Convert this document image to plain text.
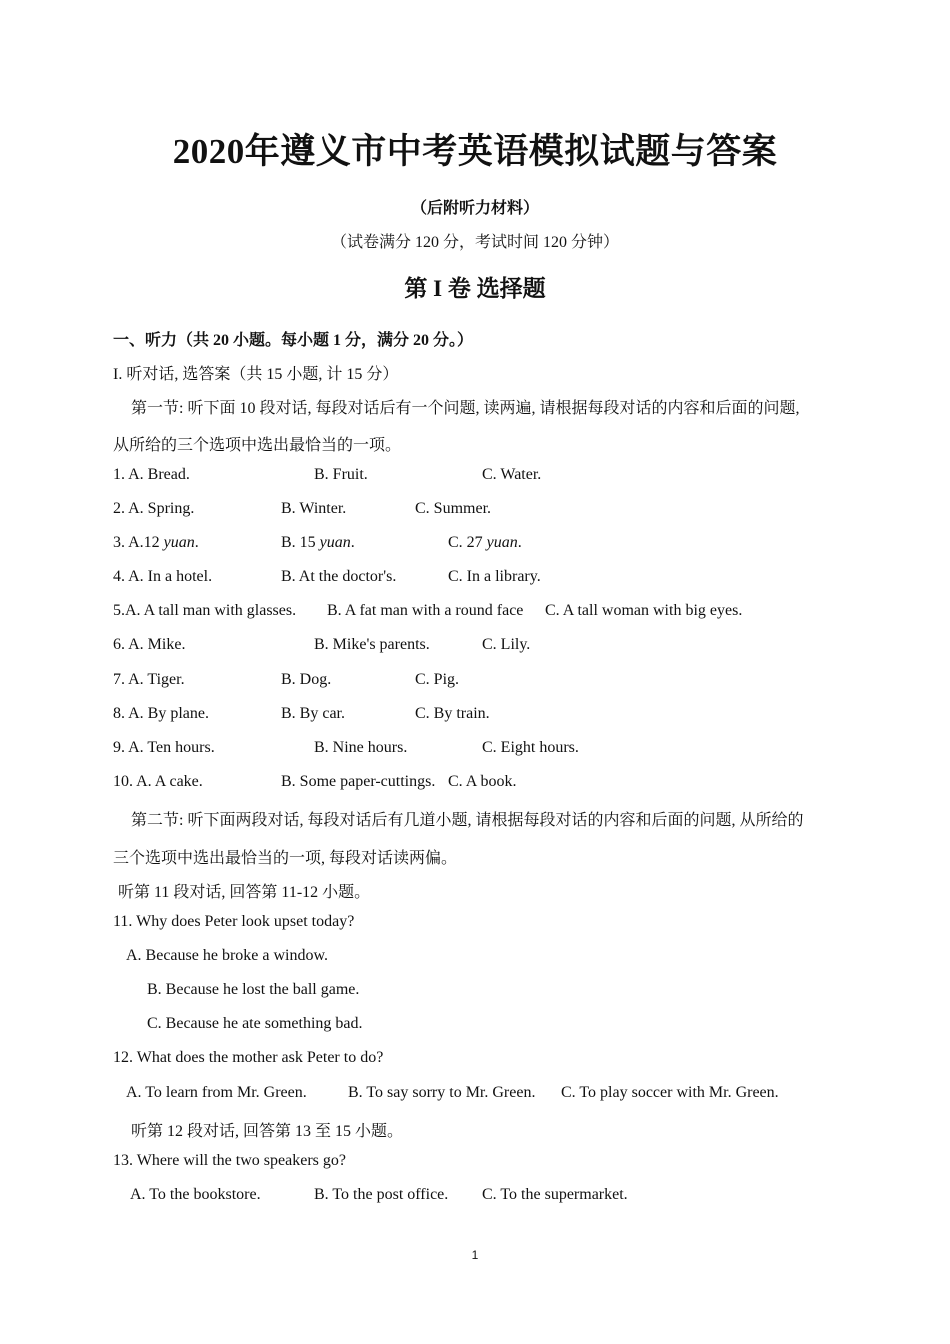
2020年遵义市中考英语模拟试题与答案
（后附听力材料）
（试卷满分 120 分，考试时间 120 分钟）
第 I 卷 选择题
一、听力（共 20 小题。每小题 1 分，满分 20 分。）
I. 听对话, 选答案（共 15 小题, 计 15 分）
第一节: 听下面 10 段对话, 每段对话后有一个问题, 读两遍, 请根据每段对话的内容和后面的问题,
从所给的三个选项中选出最恰当的一项。
1. A. Bread.	B. Fruit.	C. Water.
2. A. Spring.	B. Winter.	C. Summer.
3. A.12 yuan.	B. 15 yuan.	C. 27 yuan.
4. A. In a hotel.	B. At the doctor's.	C. In a library.
5.A. A tall man with glasses. B. A fat man with a round face C. A tall woman with big eyes.
6. A. Mike.	B. Mike's parents.	C. Lily.
7. A. Tiger.	B. Dog.	C. Pig.
8. A. By plane.	B. By car.	C. By train.
9. A. Ten hours.	B. Nine hours.	C. Eight hours.
10. A. A cake.	B. Some paper-cuttings. C. A book.
第二节: 听下面两段对话, 每段对话后有几道小题, 请根据每段对话的内容和后面的问题, 从所给的
三个选项中选出最恰当的一项, 每段对话读两偏。
听第 11 段对话, 回答第 11-12 小题。
11. Why does Peter look upset today?
A. Because he broke a window.
B. Because he lost the ball game.
C. Because he ate something bad.
12. What does the mother ask Peter to do?
A. To learn from Mr. Green.	B. To say sorry to Mr. Green. C. To play soccer with Mr. Green.
听第 12 段对话, 回答第 13 至 15 小题。
13. Where will the two speakers go?
A. To the bookstore.	B. To the post office. C. To the supermarket.
1
